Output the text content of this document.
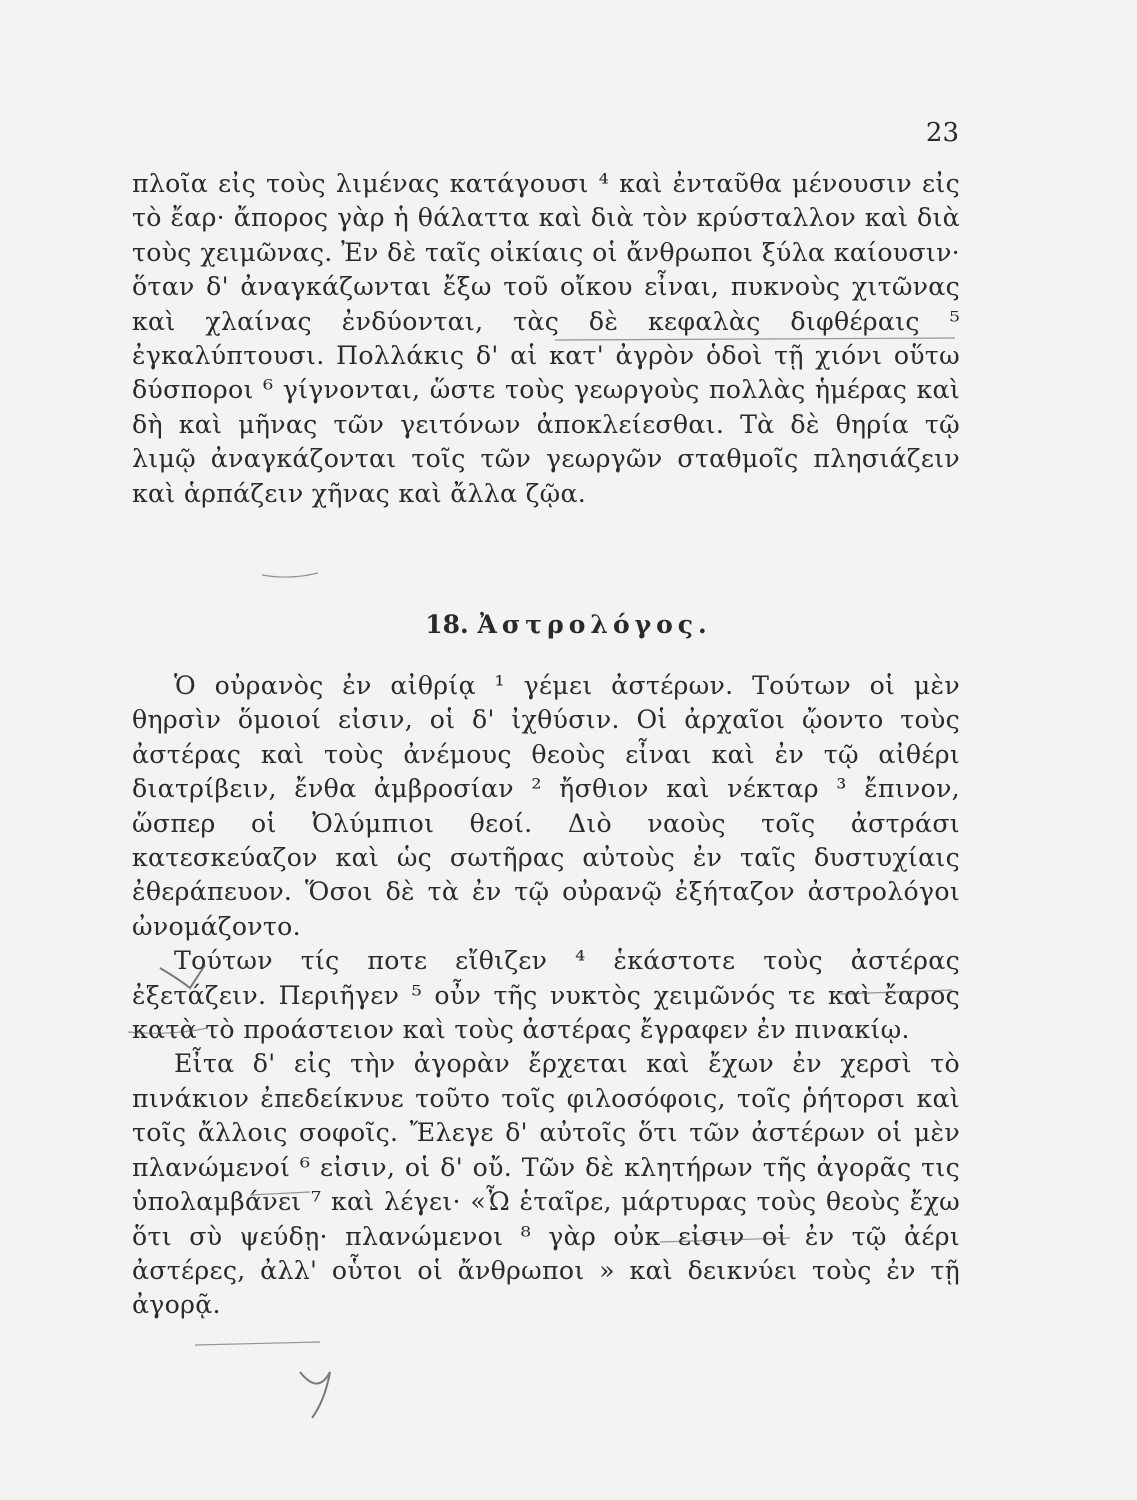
23

πλοῖα εἰς τοὺς λιμένας κατάγουσι ⁴ καὶ ἐνταῦθα μένουσιν εἰς τὸ ἔαρ· ἄπορος γὰρ ἡ θάλαττα καὶ διὰ τὸν κρύσταλλον καὶ διὰ τοὺς χειμῶνας. Ἐν δὲ ταῖς οἰκίαις οἱ ἄνθρωποι ξύλα καίουσιν· ὅταν δ' ἀναγκάζωνται ἔξω τοῦ οἴκου εἶναι, πυκνοὺς χιτῶνας καὶ χλαίνας ἐνδύονται, τὰς δὲ κεφαλὰς διφθέραις ⁵ ἐγκαλύπτουσι. Πολλάκις δ' αἱ κατ' ἀγρὸν ὁδοὶ τῇ χιόνι οὕτω δύσποροι ⁶ γίγνονται, ὥστε τοὺς γεωργοὺς πολλὰς ἡμέρας καὶ δὴ καὶ μῆνας τῶν γειτόνων ἀποκλείεσθαι. Τὰ δὲ θηρία τῷ λιμῷ ἀναγκάζονται τοῖς τῶν γεωργῶν σταθμοῖς πλησιάζειν καὶ ἁρπάζειν χῆνας καὶ ἄλλα ζῷα.

18. Ἀστρολόγος.

Ὁ οὐρανὸς ἐν αἰθρίᾳ ¹ γέμει ἀστέρων. Τούτων οἱ μὲν θηρσὶν ὅμοιοί εἰσιν, οἱ δ' ἰχθύσιν. Οἱ ἀρχαῖοι ᾤοντο τοὺς ἀστέρας καὶ τοὺς ἀνέμους θεοὺς εἶναι καὶ ἐν τῷ αἰθέρι διατρίβειν, ἔνθα ἀμβροσίαν ² ἤσθιον καὶ νέκταρ ³ ἔπινον, ὥσπερ οἱ Ὀλύμπιοι θεοί. Διὸ ναοὺς τοῖς ἀστράσι κατεσκεύαζον καὶ ὡς σωτῆρας αὐτοὺς ἐν ταῖς δυστυχίαις ἐθεράπευον. Ὅσοι δὲ τὰ ἐν τῷ οὐρανῷ ἐξήταζον ἀστρολόγοι ὠνομάζοντο.

Τούτων τίς ποτε εἴθιζεν ⁴ ἑκάστοτε τοὺς ἀστέρας ἐξετάζειν. Περιῆγεν ⁵ οὖν τῆς νυκτὸς χειμῶνός τε καὶ ἔαρος κατὰ τὸ προάστειον καὶ τοὺς ἀστέρας ἔγραφεν ἐν πινακίῳ.

Εἶτα δ' εἰς τὴν ἀγορὰν ἔρχεται καὶ ἔχων ἐν χερσὶ τὸ πινάκιον ἐπεδείκνυε τοῦτο τοῖς φιλοσόφοις, τοῖς ῥήτορσι καὶ τοῖς ἄλλοις σοφοῖς. Ἔλεγε δ' αὐτοῖς ὅτι τῶν ἀστέρων οἱ μὲν πλανώμενοί ⁶ εἰσιν, οἱ δ' οὔ. Τῶν δὲ κλητήρων τῆς ἀγορᾶς τις ὑπολαμβάνει ⁷ καὶ λέγει· «Ὦ ἑταῖρε, μάρτυρας τοὺς θεοὺς ἔχω ὅτι σὺ ψεύδῃ· πλανώμενοι ⁸ γὰρ οὐκ εἰσιν οἱ ἐν τῷ ἀέρι ἀστέρες, ἀλλ' οὗτοι οἱ ἄνθρωποι » καὶ δεικνύει τοὺς ἐν τῇ ἀγορᾷ.
